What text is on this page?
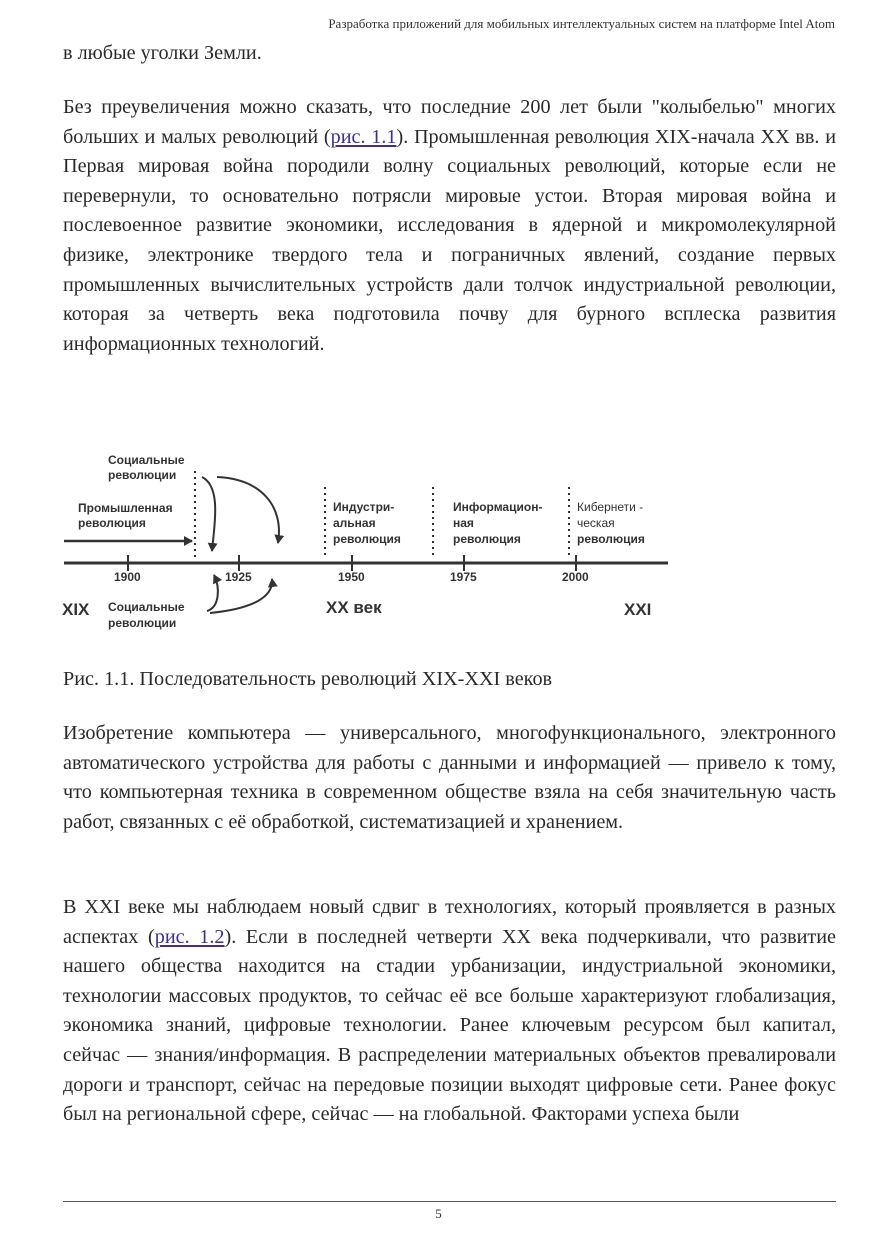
Разработка приложений для мобильных интеллектуальных систем на платформе Intel Atom

в любые уголки Земли.

Без преувеличения можно сказать, что последние 200 лет были "колыбелью" многих больших и малых революций (рис. 1.1). Промышленная революция XIX-начала XX вв. и Первая мировая война породили волну социальных революций, которые если не перевернули, то основательно потрясли мировые устои. Вторая мировая война и послевоенное развитие экономики, исследования в ядерной и микромолекулярной физике, электронике твердого тела и пограничных явлений, создание первых промышленных вычислительных устройств дали толчок индустриальной революции, которая за четверть века подготовила почву для бурного всплеска развития информационных технологий.

Социальные
революции
Промышленная
революция
Индустри-
альная
революция
Информацион-
ная
революция
Кибернети -
ческая
революция
1900	1925	1950	1975	2000
XIX	XX век	XXI
Социальные
революции
Рис. 1.1. Последовательность революций XIX-XXI веков

Изобретение компьютера — универсального, многофункционального, электронного автоматического устройства для работы с данными и информацией — привело к тому, что компьютерная техника в современном обществе взяла на себя значительную часть работ, связанных с её обработкой, систематизацией и хранением.

В XXI веке мы наблюдаем новый сдвиг в технологиях, который проявляется в разных аспектах (рис. 1.2). Если в последней четверти XX века подчеркивали, что развитие нашего общества находится на стадии урбанизации, индустриальной экономики, технологии массовых продуктов, то сейчас её все больше характеризуют глобализация, экономика знаний, цифровые технологии. Ранее ключевым ресурсом был капитал, сейчас — знания/информация. В распределении материальных объектов превалировали дороги и транспорт, сейчас на передовые позиции выходят цифровые сети. Ранее фокус был на региональной сфере, сейчас — на глобальной. Факторами успеха были

5
